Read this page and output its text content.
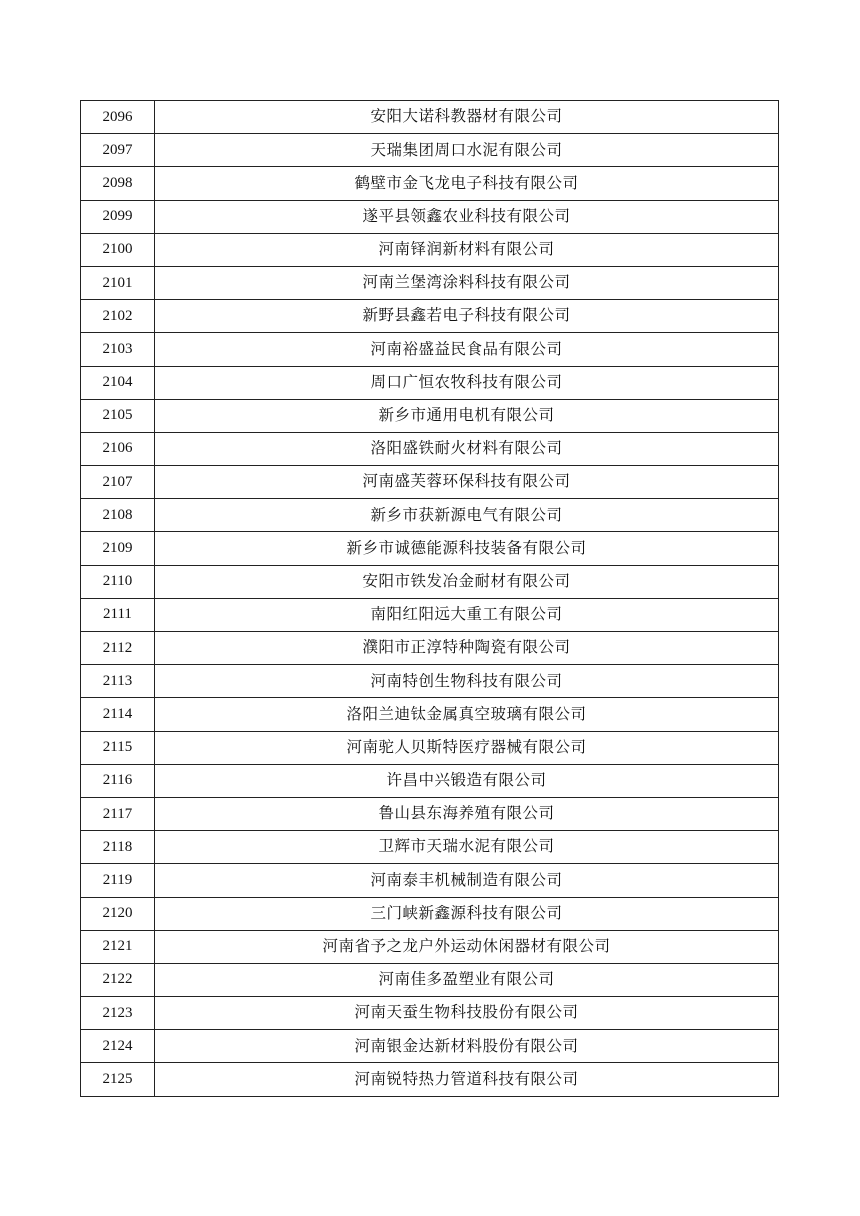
2096	安阳大诺科教器材有限公司
2097	天瑞集团周口水泥有限公司
2098	鹤壁市金飞龙电子科技有限公司
2099	遂平县领鑫农业科技有限公司
2100	河南铎润新材料有限公司
2101	河南兰堡湾涂料科技有限公司
2102	新野县鑫若电子科技有限公司
2103	河南裕盛益民食品有限公司
2104	周口广恒农牧科技有限公司
2105	新乡市通用电机有限公司
2106	洛阳盛铁耐火材料有限公司
2107	河南盛芙蓉环保科技有限公司
2108	新乡市获新源电气有限公司
2109	新乡市诚德能源科技装备有限公司
2110	安阳市铁发冶金耐材有限公司
2111	南阳红阳远大重工有限公司
2112	濮阳市正淳特种陶瓷有限公司
2113	河南特创生物科技有限公司
2114	洛阳兰迪钛金属真空玻璃有限公司
2115	河南驼人贝斯特医疗器械有限公司
2116	许昌中兴锻造有限公司
2117	鲁山县东海养殖有限公司
2118	卫辉市天瑞水泥有限公司
2119	河南泰丰机械制造有限公司
2120	三门峡新鑫源科技有限公司
2121	河南省予之龙户外运动休闲器材有限公司
2122	河南佳多盈塑业有限公司
2123	河南天蚕生物科技股份有限公司
2124	河南银金达新材料股份有限公司
2125	河南锐特热力管道科技有限公司
